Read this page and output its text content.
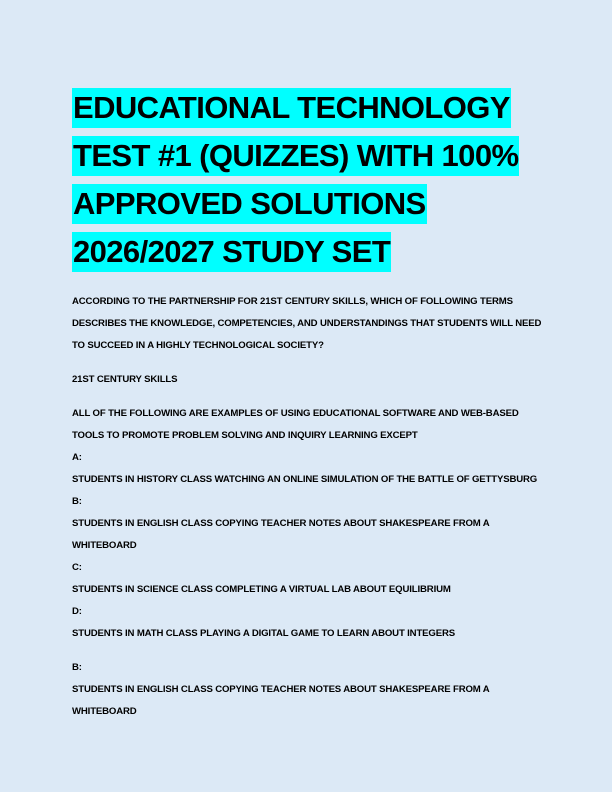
EDUCATIONAL TECHNOLOGY
TEST #1 (QUIZZES) WITH 100%
APPROVED SOLUTIONS
2026/2027 STUDY SET

ACCORDING TO THE PARTNERSHIP FOR 21ST CENTURY SKILLS, WHICH OF FOLLOWING TERMS DESCRIBES THE KNOWLEDGE, COMPETENCIES, AND UNDERSTANDINGS THAT STUDENTS WILL NEED TO SUCCEED IN A HIGHLY TECHNOLOGICAL SOCIETY?

21ST CENTURY SKILLS

ALL OF THE FOLLOWING ARE EXAMPLES OF USING EDUCATIONAL SOFTWARE AND WEB-BASED TOOLS TO PROMOTE PROBLEM SOLVING AND INQUIRY LEARNING EXCEPT

A:

STUDENTS IN HISTORY CLASS WATCHING AN ONLINE SIMULATION OF THE BATTLE OF GETTYSBURG

B:

STUDENTS IN ENGLISH CLASS COPYING TEACHER NOTES ABOUT SHAKESPEARE FROM A WHITEBOARD

C:

STUDENTS IN SCIENCE CLASS COMPLETING A VIRTUAL LAB ABOUT EQUILIBRIUM

D:

STUDENTS IN MATH CLASS PLAYING A DIGITAL GAME TO LEARN ABOUT INTEGERS

B:

STUDENTS IN ENGLISH CLASS COPYING TEACHER NOTES ABOUT SHAKESPEARE FROM A WHITEBOARD
